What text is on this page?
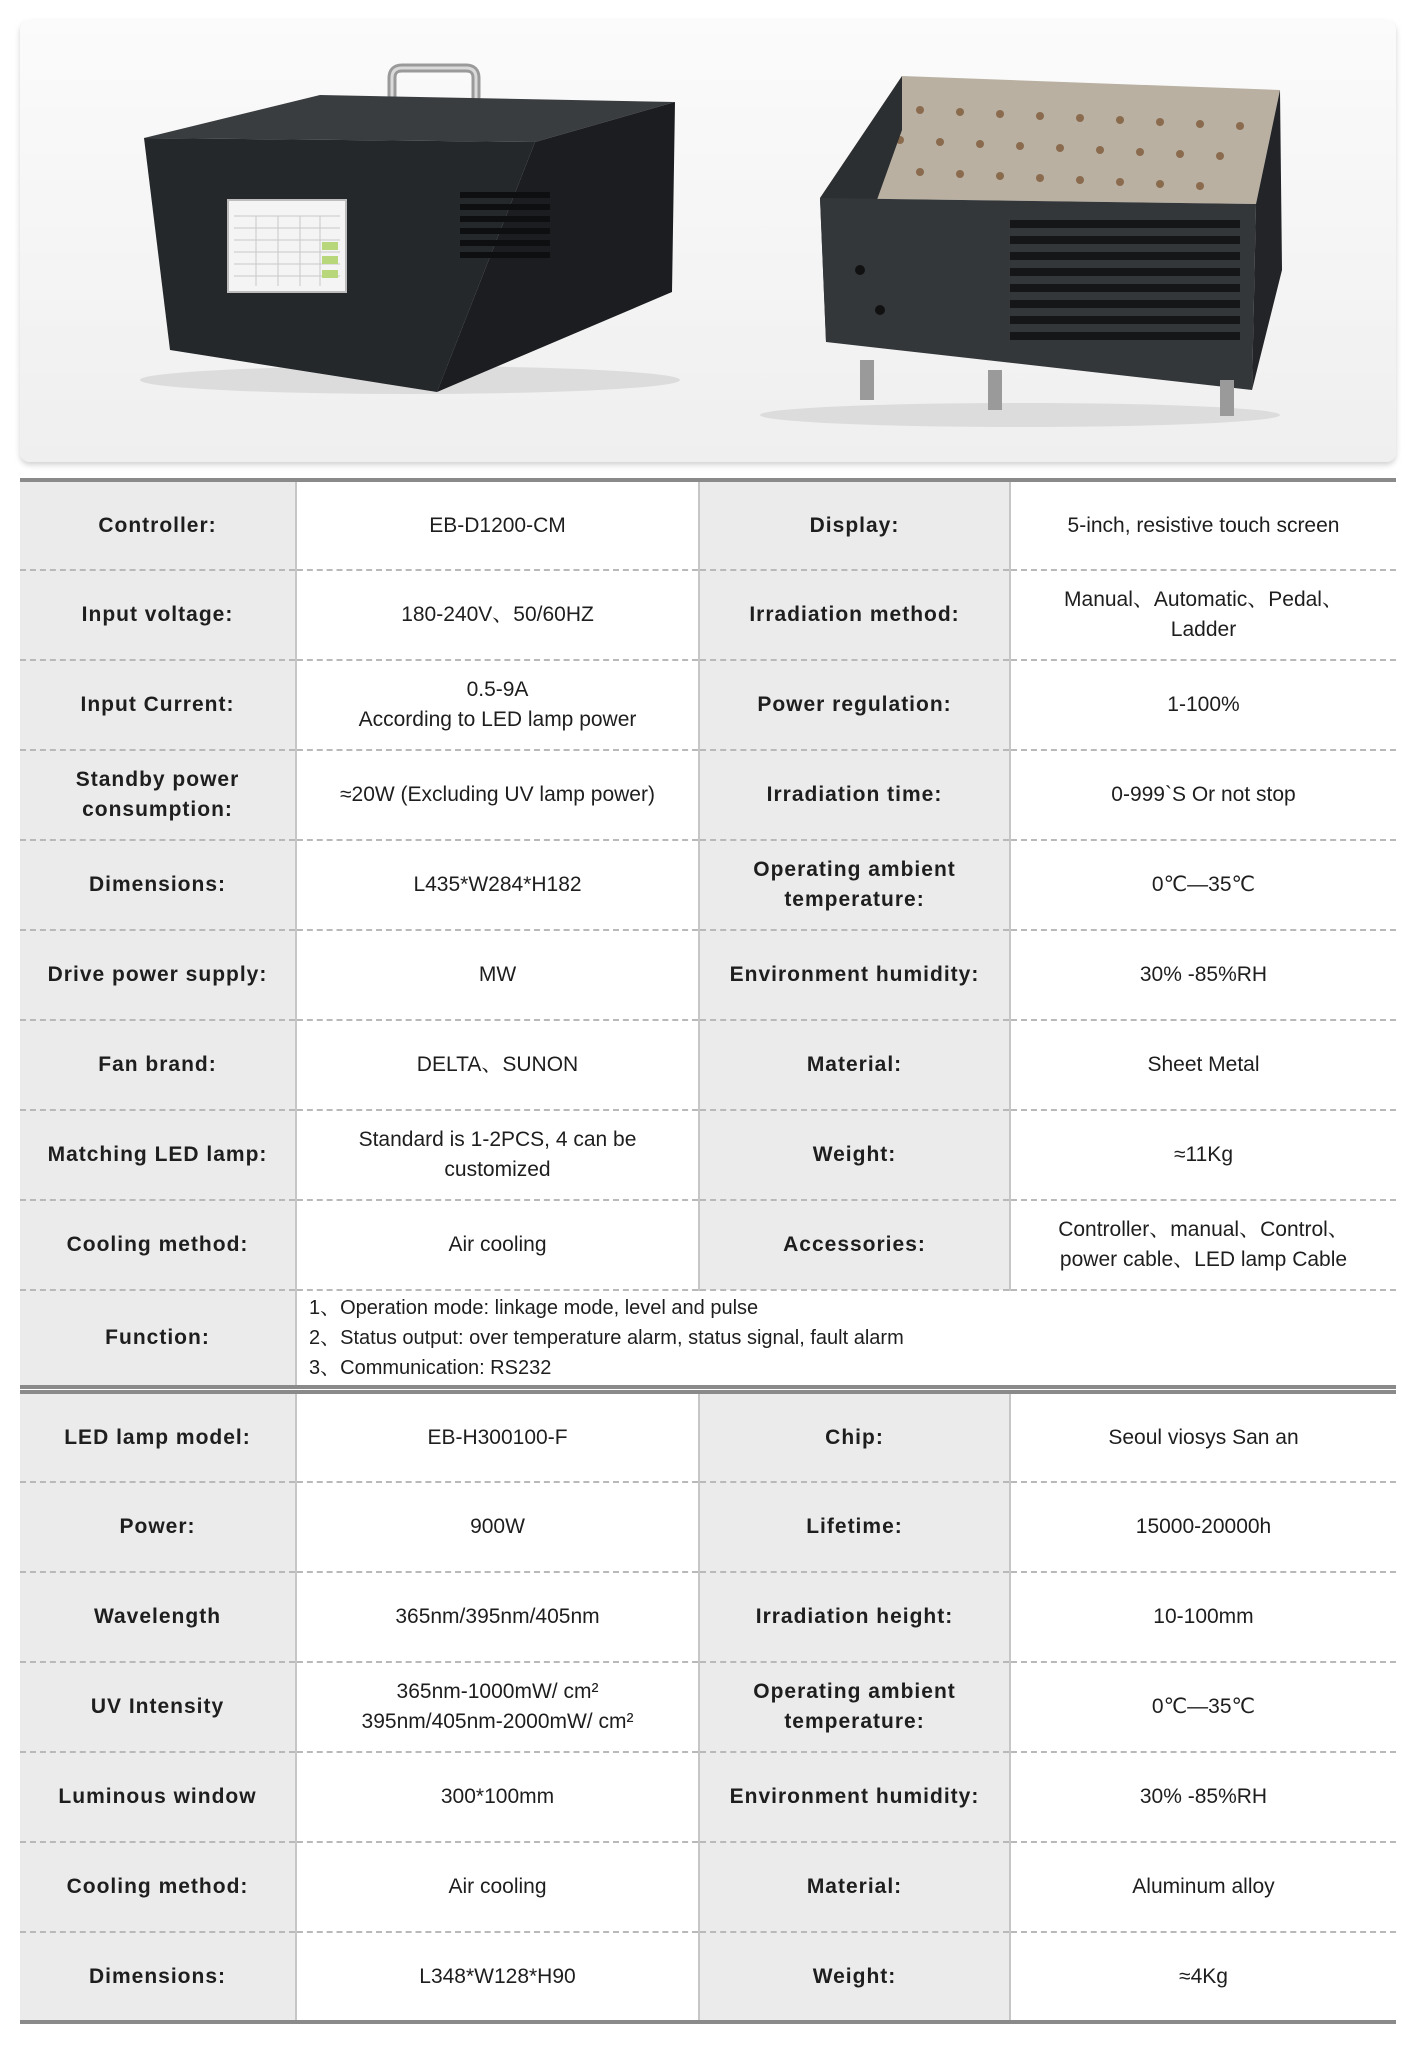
Controller:	EB-D1200-CM	Display:	5-inch, resistive touch screen

Input voltage:	180-240V、50/60HZ	Irradiation method:	Manual、Automatic、Pedal、
Ladder

Input Current:	0.5-9A
According to LED lamp power	Power regulation:	1-100%

Standby power consumption:	≈20W (Excluding UV lamp power)	Irradiation time:	0-999`S Or not stop

Dimensions:	L435*W284*H182	Operating ambient temperature:	0℃—35℃

Drive power supply:	MW	Environment humidity:	30% -85%RH

Fan brand:	DELTA、SUNON	Material:	Sheet Metal

Matching LED lamp:	Standard is 1-2PCS, 4 can be
customized	Weight:	≈11Kg

Cooling method:	Air cooling	Accessories:	Controller、manual、Control、
power cable、LED lamp Cable

Function:	1、Operation mode: linkage mode, level and pulse
2、Status output: over temperature alarm, status signal, fault alarm
3、Communication: RS232		
LED lamp model:	EB-H300100-F	Chip:	Seoul viosys San an

Power:	900W	Lifetime:	15000-20000h

Wavelength	365nm/395nm/405nm	Irradiation height:	10-100mm

UV Intensity	365nm-1000mW/ cm²
395nm/405nm-2000mW/ cm²	Operating ambient temperature:	0℃—35℃

Luminous window	300*100mm	Environment humidity:	30% -85%RH

Cooling method:	Air cooling	Material:	Aluminum alloy

Dimensions:	L348*W128*H90	Weight:	≈4Kg
